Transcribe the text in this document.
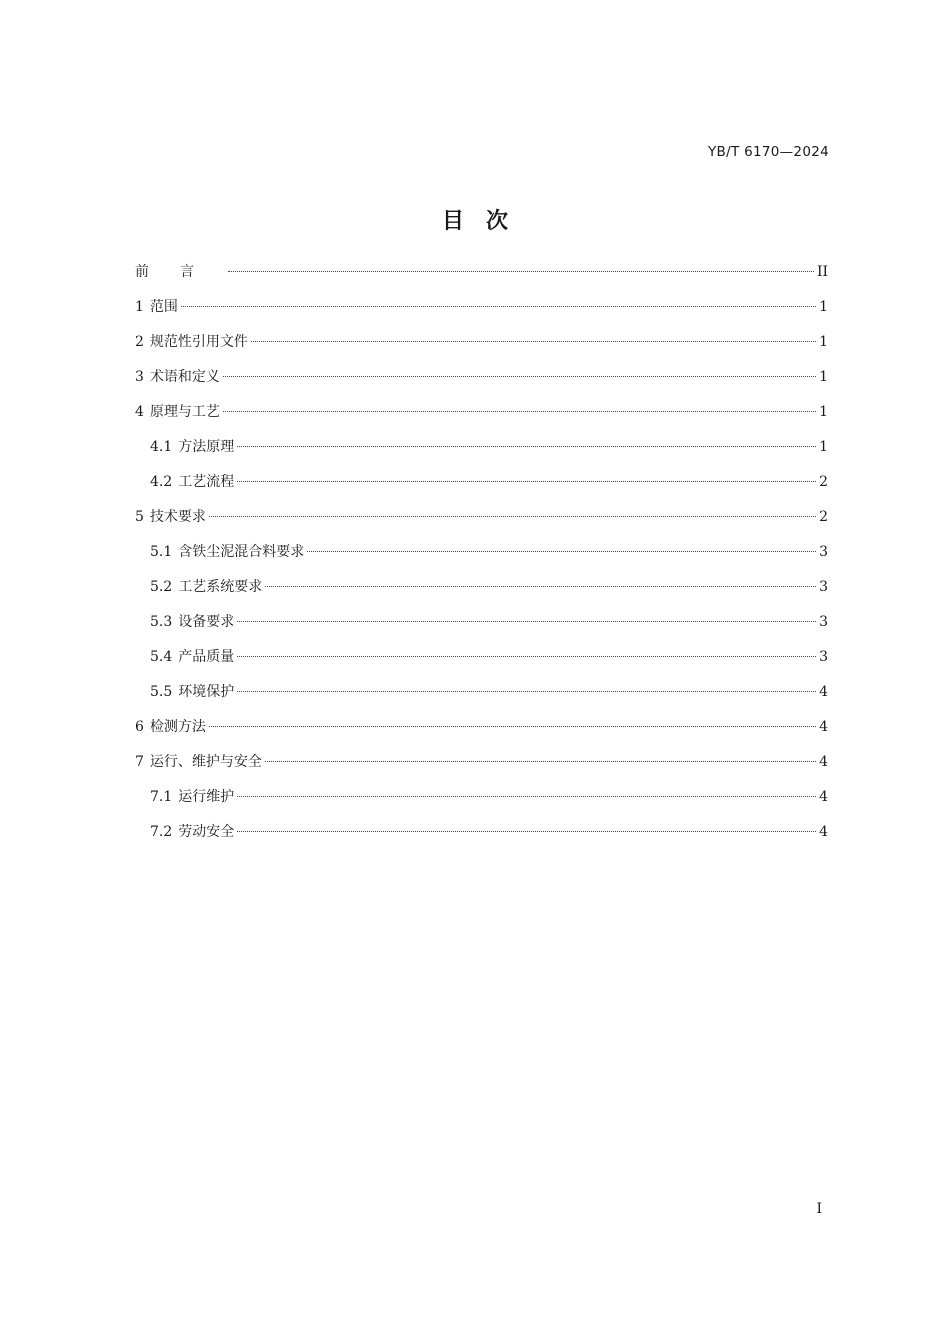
YB/T 6170—2024
目　次
前言	II
1 范围	1
2 规范性引用文件	1
3 术语和定义	1
4 原理与工艺	1
4.1 方法原理	1
4.2 工艺流程	2
5 技术要求	2
5.1 含铁尘泥混合料要求	3
5.2 工艺系统要求	3
5.3 设备要求	3
5.4 产品质量	3
5.5 环境保护	4
6 检测方法	4
7 运行、维护与安全	4
7.1 运行维护	4
7.2 劳动安全	4
I
